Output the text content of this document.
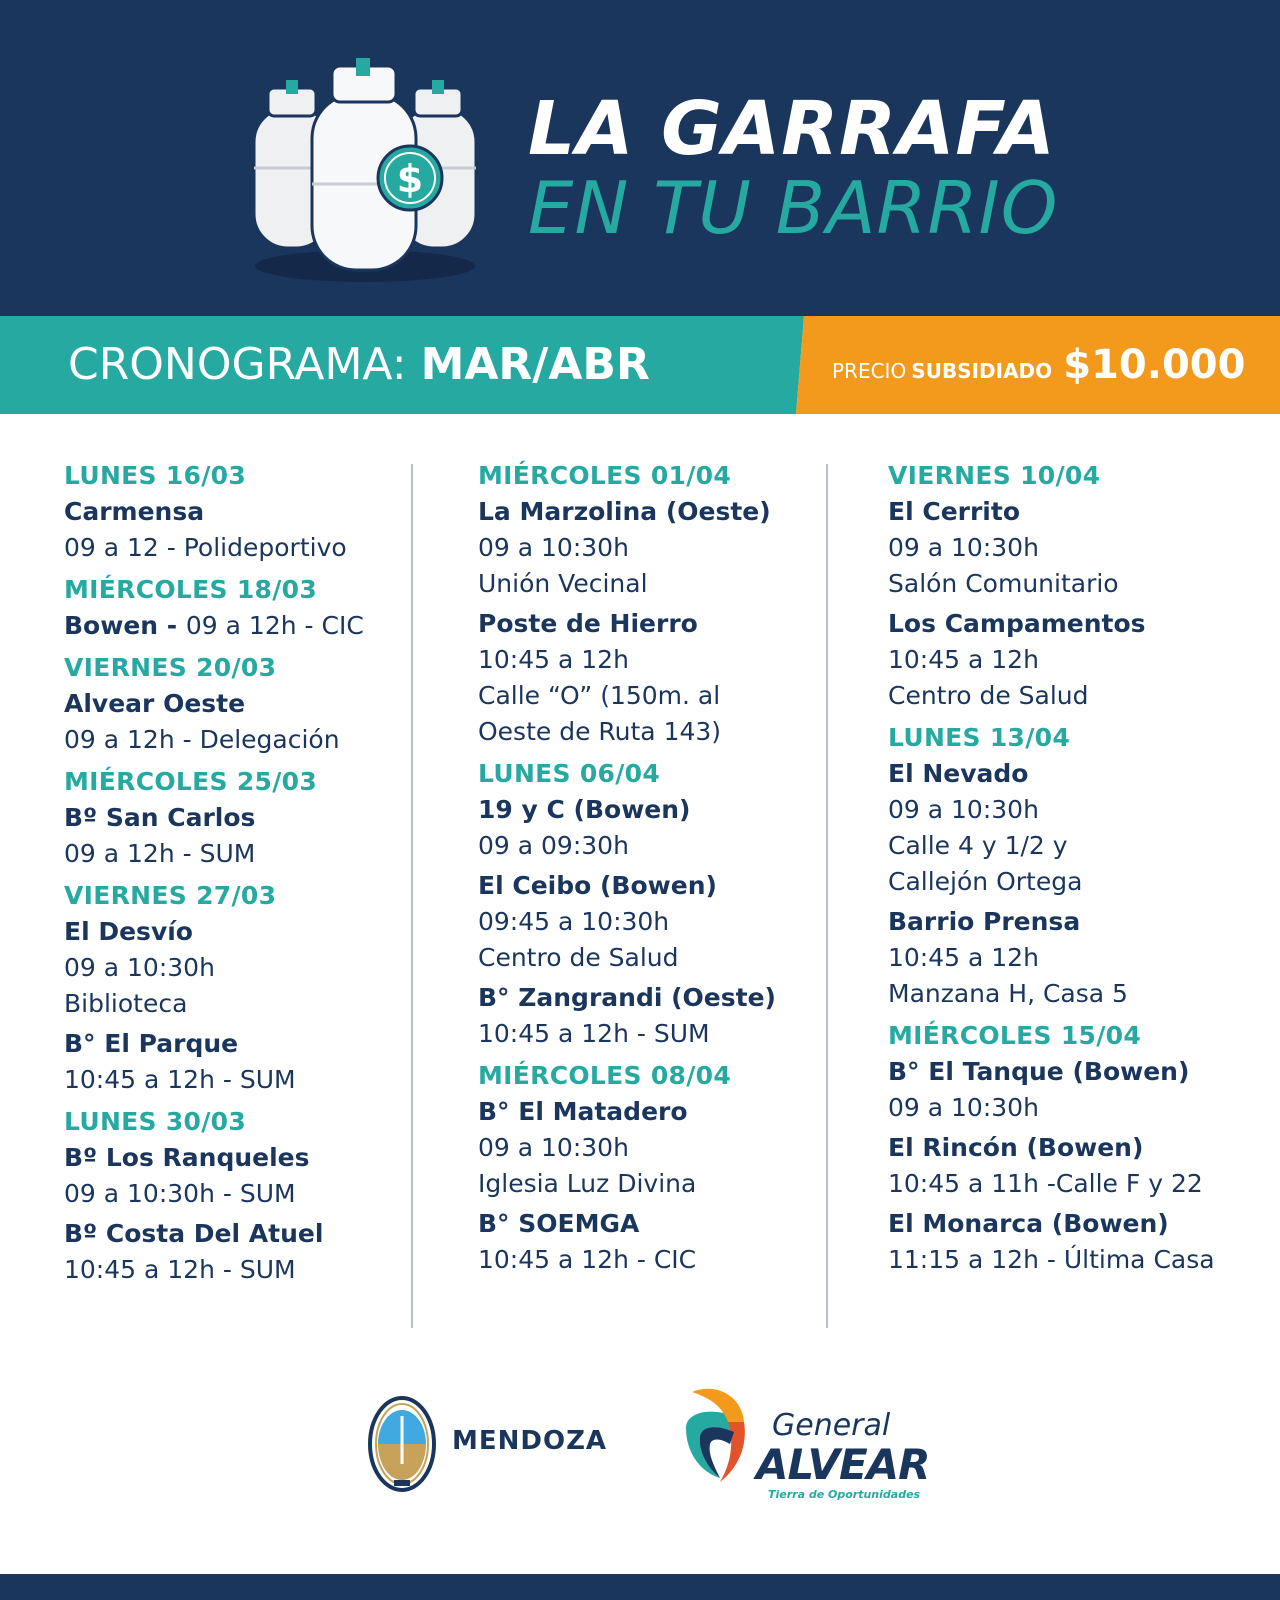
$
LA GARRAFA
EN TU BARRIO
CRONOGRAMA: MAR/ABR	PRECIO SUBSIDIADO $10.000
LUNES 16/03
Carmensa
09 a 12 - Polideportivo
MIÉRCOLES 18/03
Bowen - 09 a 12h - CIC
VIERNES 20/03
Alvear Oeste
09 a 12h - Delegación
MIÉRCOLES 25/03
Bº San Carlos
09 a 12h - SUM
VIERNES 27/03
El Desvío
09 a 10:30h
Biblioteca
B° El Parque
10:45 a 12h - SUM
LUNES 30/03
Bº Los Ranqueles
09 a 10:30h - SUM
Bº Costa Del Atuel
10:45 a 12h - SUM
MIÉRCOLES 01/04
La Marzolina (Oeste)
09 a 10:30h
Unión Vecinal
Poste de Hierro
10:45 a 12h
Calle “O” (150m. al
Oeste de Ruta 143)
LUNES 06/04
19 y C (Bowen)
09 a 09:30h
El Ceibo (Bowen)
09:45 a 10:30h
Centro de Salud
B° Zangrandi (Oeste)
10:45 a 12h - SUM
MIÉRCOLES 08/04
B° El Matadero
09 a 10:30h
Iglesia Luz Divina
B° SOEMGA
10:45 a 12h - CIC
VIERNES 10/04
El Cerrito
09 a 10:30h
Salón Comunitario
Los Campamentos
10:45 a 12h
Centro de Salud
LUNES 13/04
El Nevado
09 a 10:30h
Calle 4 y 1/2 y
Callejón Ortega
Barrio Prensa
10:45 a 12h
Manzana H, Casa 5
MIÉRCOLES 15/04
B° El Tanque (Bowen)
09 a 10:30h
El Rincón (Bowen)
10:45 a 11h -Calle F y 22
El Monarca (Bowen)
11:15 a 12h - Última Casa
MENDOZA	General
ALVEAR
Tierra de Oportunidades
